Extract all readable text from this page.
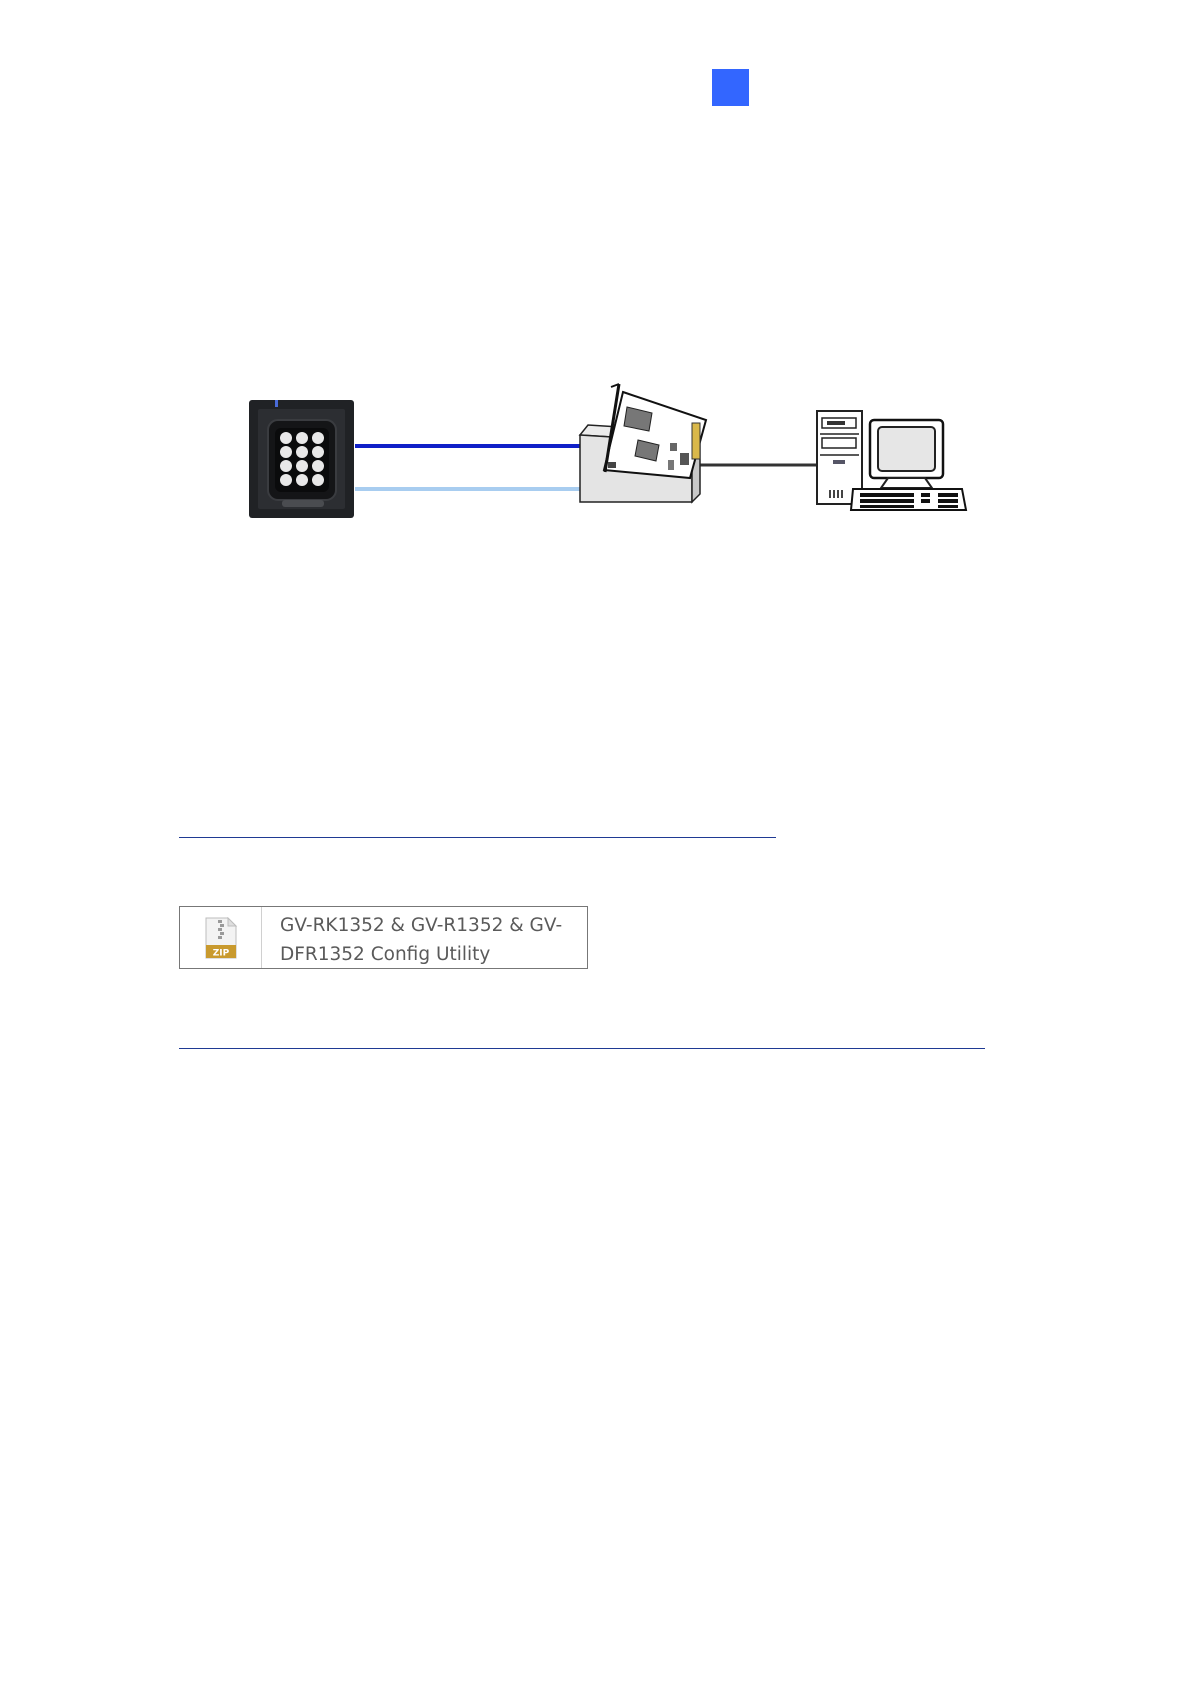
ZIP
GV-RK1352 & GV-R1352 & GV-
DFR1352 Config Utility
